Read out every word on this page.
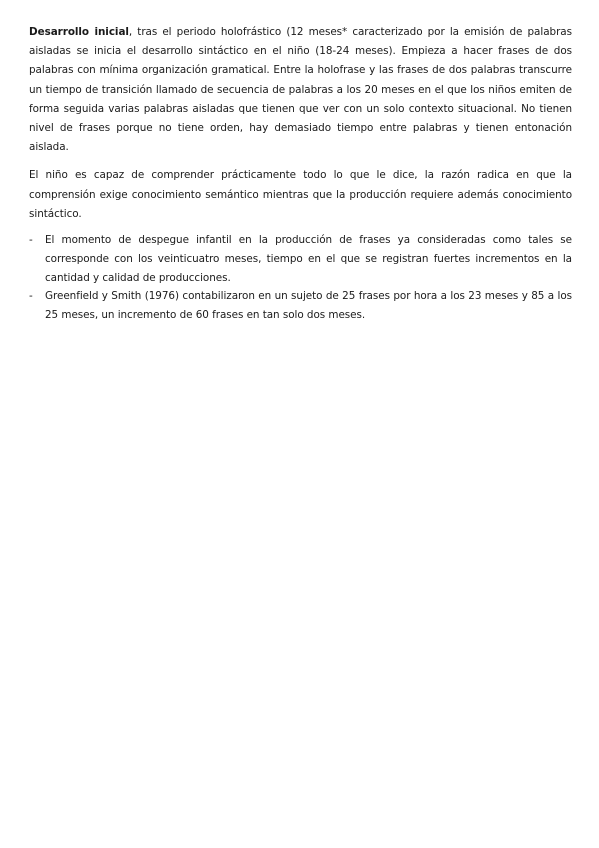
Desarrollo inicial, tras el periodo holofrástico (12 meses* caracterizado por la emisión de palabras aisladas se inicia el desarrollo sintáctico en el niño (18-24 meses). Empieza a hacer frases de dos palabras con mínima organización gramatical. Entre la holofrase y las frases de dos palabras transcurre un tiempo de transición llamado de secuencia de palabras a los 20 meses en el que los niños emiten de forma seguida varias palabras aisladas que tienen que ver con un solo contexto situacional. No tienen nivel de frases porque no tiene orden, hay demasiado tiempo entre palabras y tienen entonación aislada.

El niño es capaz de comprender prácticamente todo lo que le dice, la razón radica en que la comprensión exige conocimiento semántico mientras que la producción requiere además conocimiento sintáctico.

- El momento de despegue infantil en la producción de frases ya consideradas como tales se corresponde con los veinticuatro meses, tiempo en el que se registran fuertes incrementos en la cantidad y calidad de producciones.
- Greenfield y Smith (1976) contabilizaron en un sujeto de 25 frases por hora a los 23 meses y 85 a los 25 meses, un incremento de 60 frases en tan solo dos meses.
